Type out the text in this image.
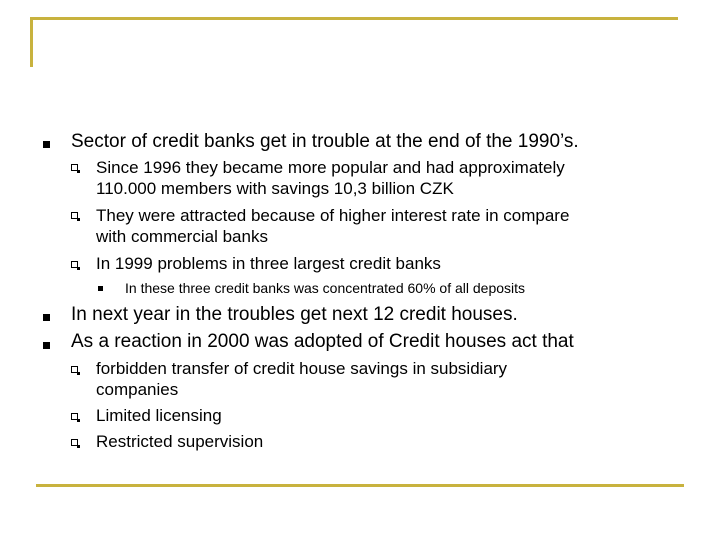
Sector of credit banks get in trouble at the end of the 1990’s.
Since 1996 they became more popular and had approximately
110.000 members with savings 10,3 billion CZK
They were attracted because of higher interest rate in compare
with commercial banks
In 1999 problems in three largest credit banks
In these three credit banks was concentrated 60% of all deposits
In next year in the troubles get next 12 credit houses.
As a reaction in 2000 was adopted of Credit houses act that
forbidden transfer of credit house savings in subsidiary
companies
Limited licensing
Restricted supervision
